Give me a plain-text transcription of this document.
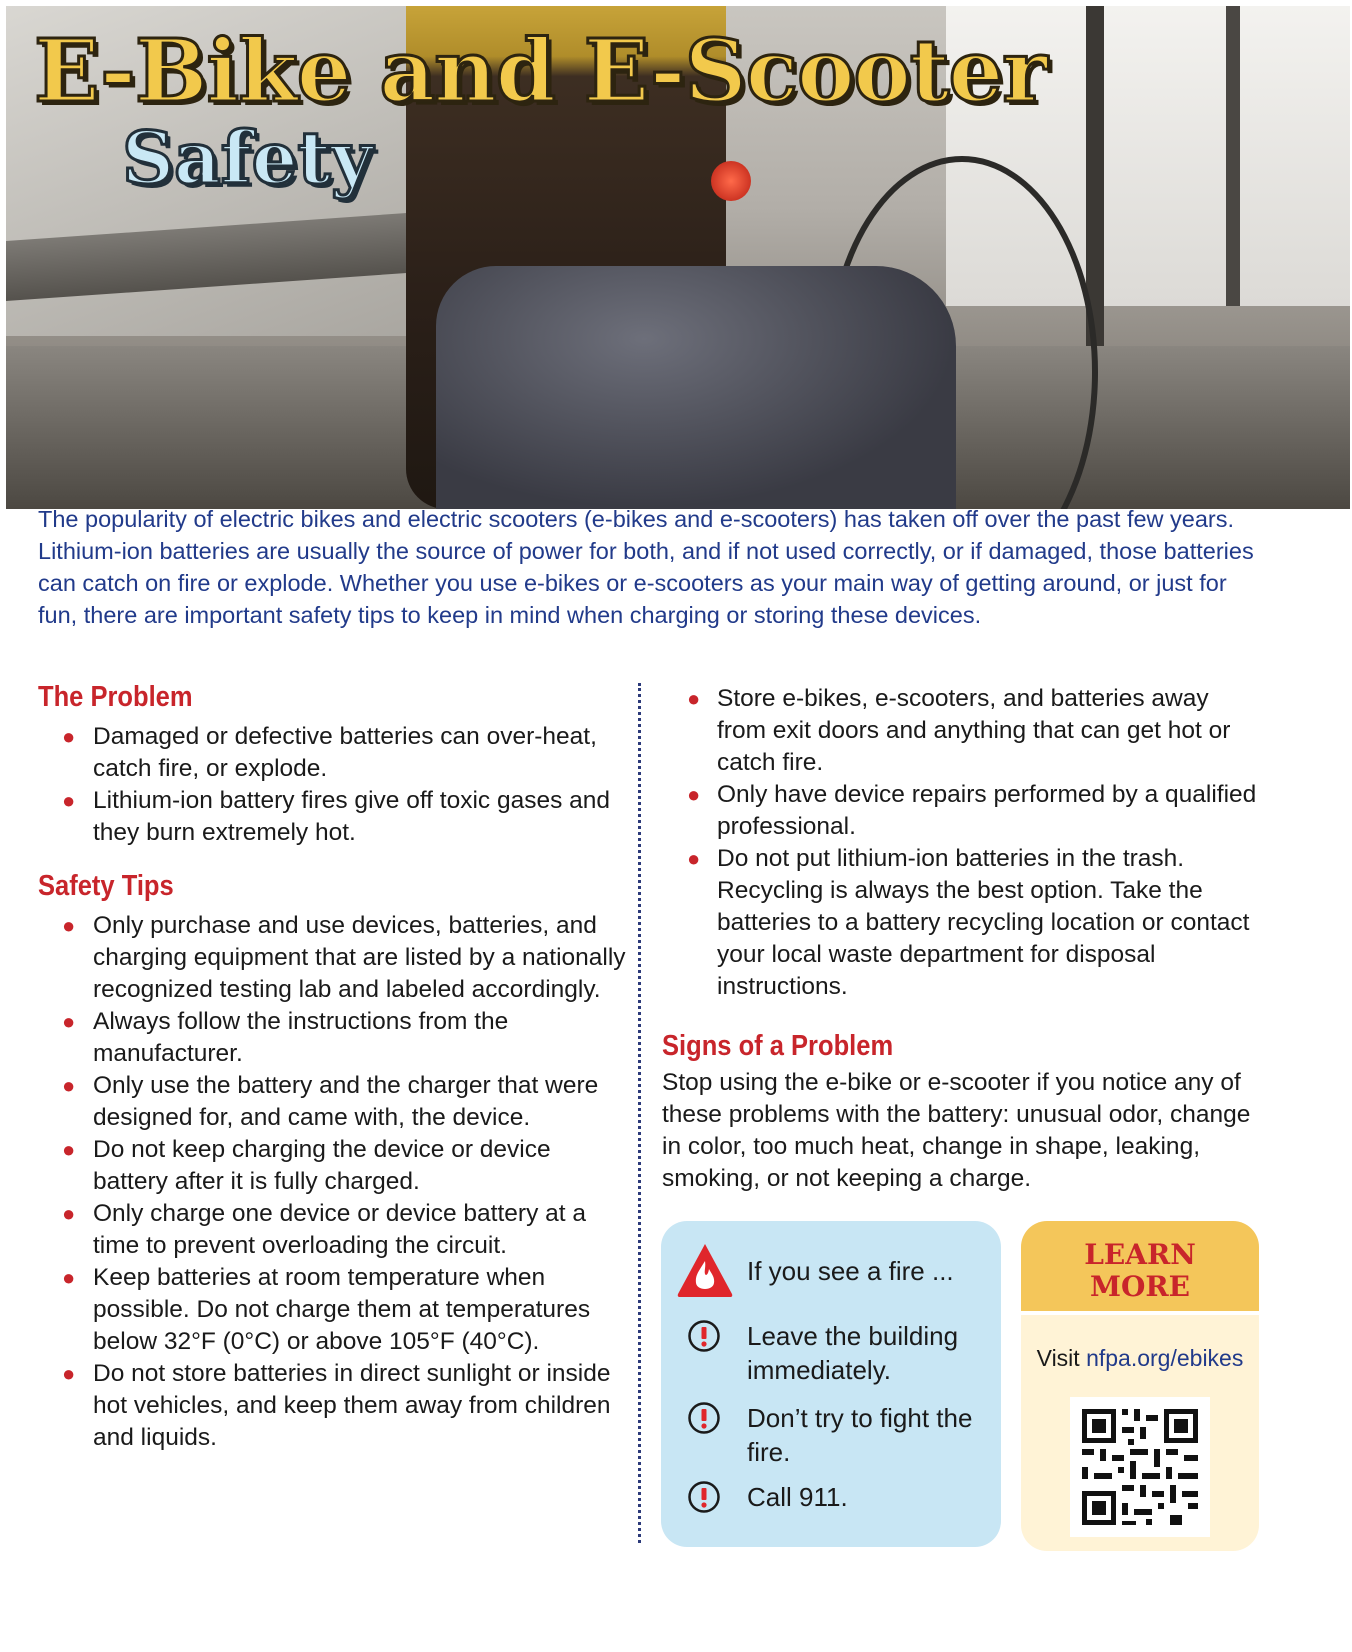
E-Bike and E-Scooter
Safety
The popularity of electric bikes and electric scooters (e-bikes and e-scooters) has taken off over the past few years. Lithium-ion batteries are usually the source of power for both, and if not used correctly, or if damaged, those batteries can catch on fire or explode. Whether you use e-bikes or e-scooters as your main way of getting around, or just for fun, there are important safety tips to keep in mind when charging or storing these devices.
The Problem
● Damaged or defective batteries can over-heat, catch fire, or explode.
● Lithium-ion battery fires give off toxic gases and they burn extremely hot.
Safety Tips
● Only purchase and use devices, batteries, and charging equipment that are listed by a nationally recognized testing lab and labeled accordingly.
● Always follow the instructions from the manufacturer.
● Only use the battery and the charger that were designed for, and came with, the device.
● Do not keep charging the device or device battery after it is fully charged.
● Only charge one device or device battery at a time to prevent overloading the circuit.
● Keep batteries at room temperature when possible. Do not charge them at temperatures below 32°F (0°C) or above 105°F (40°C).
● Do not store batteries in direct sunlight or inside hot vehicles, and keep them away from children and liquids.
● Store e-bikes, e-scooters, and batteries away from exit doors and anything that can get hot or catch fire.
● Only have device repairs performed by a qualified professional.
● Do not put lithium-ion batteries in the trash. Recycling is always the best option. Take the batteries to a battery recycling location or contact your local waste department for disposal instructions.
Signs of a Problem
Stop using the e-bike or e-scooter if you notice any of these problems with the battery: unusual odor, change in color, too much heat, change in shape, leaking, smoking, or not keeping a charge.
If you see a fire ...
Leave the building immediately.
Don’t try to fight the fire.
Call 911.
LEARN
MORE
Visit nfpa.org/ebikes
